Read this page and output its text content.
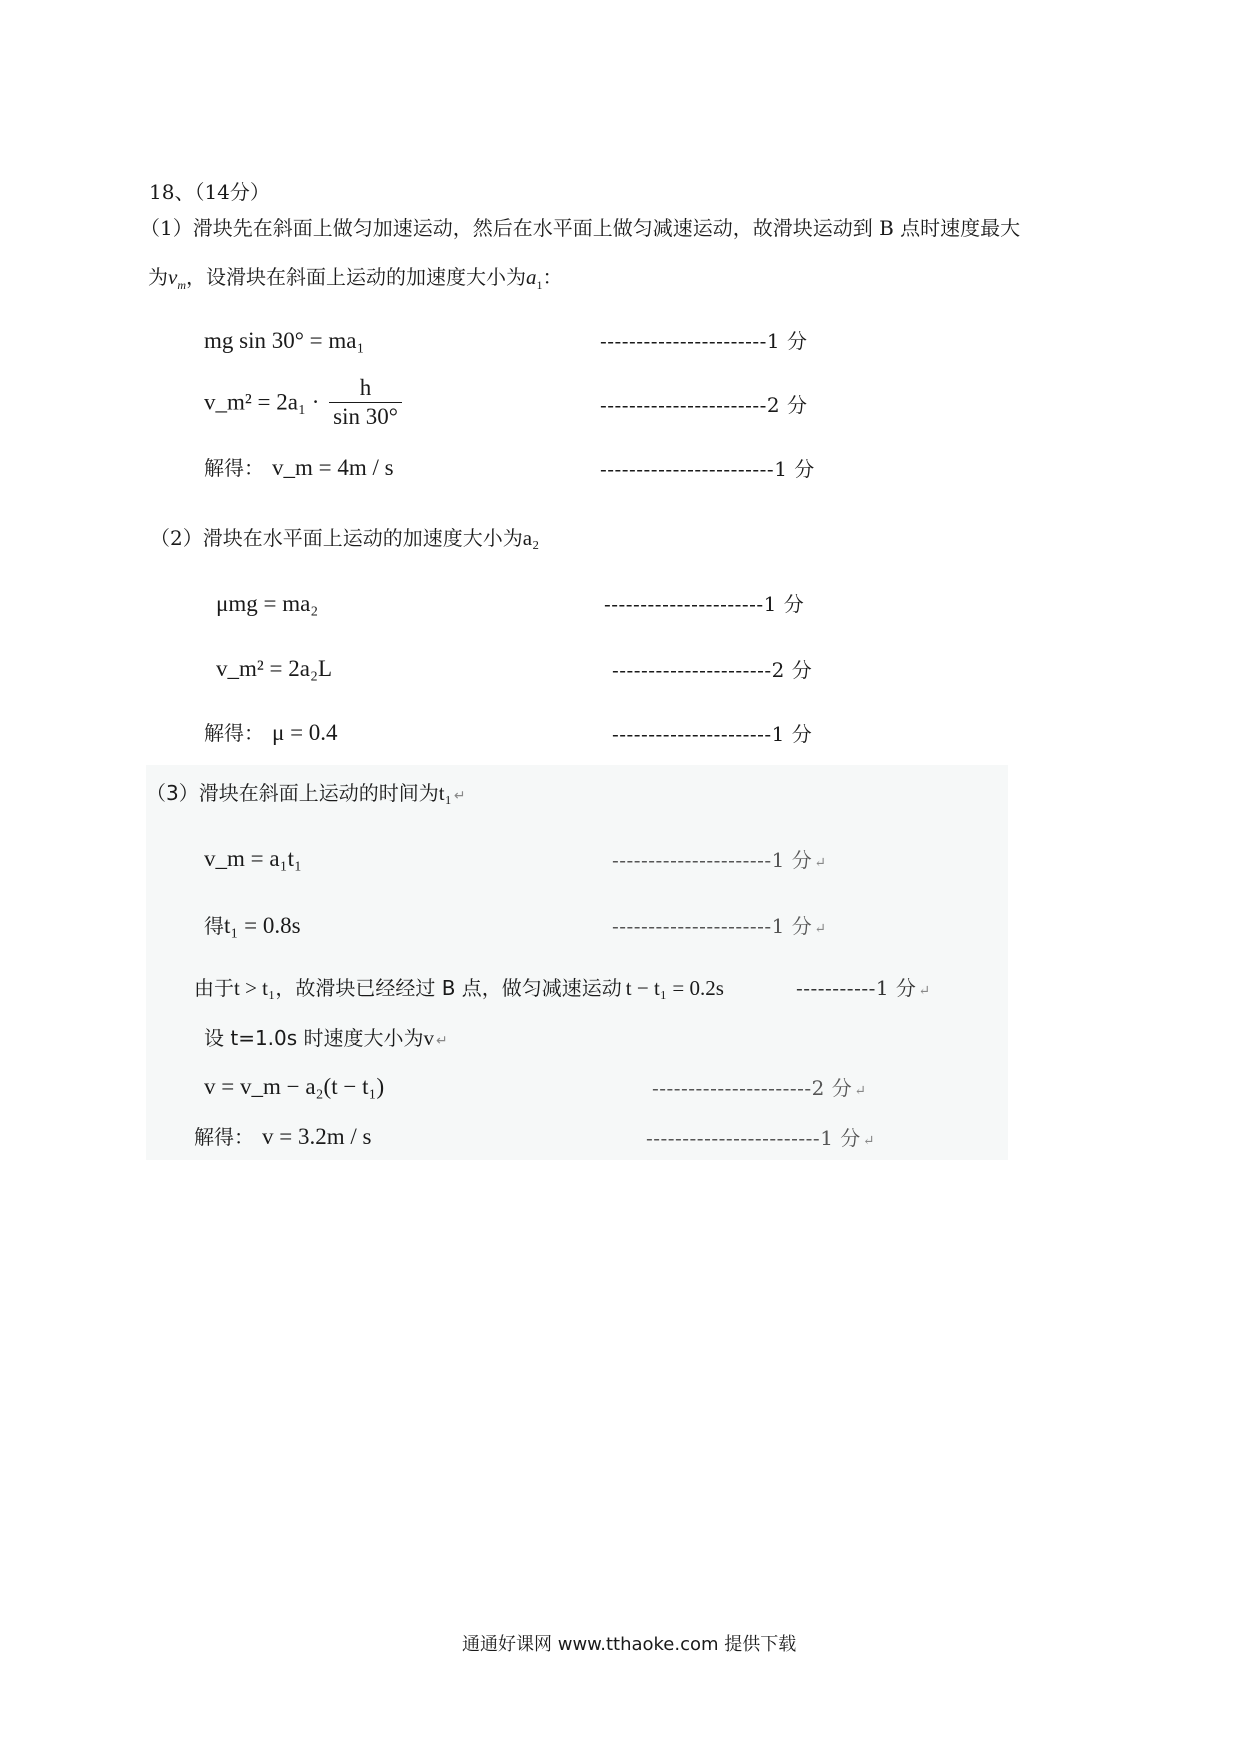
18、（14分）
（1）滑块先在斜面上做匀加速运动，然后在水平面上做匀减速运动，故滑块运动到 B 点时速度最大
为$v_m$，设滑块在斜面上运动的加速度大小为$a_1$：
mg sin 30° = ma₁	-----------------------1 分
v_m² = $2a_1 \cdot \frac{h}{\sin 30^\circ}$	-----------------------2 分
解得： v_m = 4m / s	------------------------1 分
（2）滑块在水平面上运动的加速度大小为a₂
μmg = ma₂	----------------------1 分
v_m² = 2a₂L	----------------------2 分
解得： μ = 0.4	----------------------1 分
（3）滑块在斜面上运动的时间为t₁ ↵
v_m = a₁t₁	----------------------1 分 ↵
得t₁ = 0.8s	----------------------1 分 ↵
由于t > t₁，故滑块已经经过 B 点，做匀减速运动 t − t₁ = 0.2s	-----------1 分 ↵
设 t=1.0s 时速度大小为v ↵
v = v_m − a₂(t − t₁)	----------------------2 分 ↵
解得： v = 3.2m / s	------------------------1 分 ↵
通通好课网 www.tthaoke.com 提供下载
